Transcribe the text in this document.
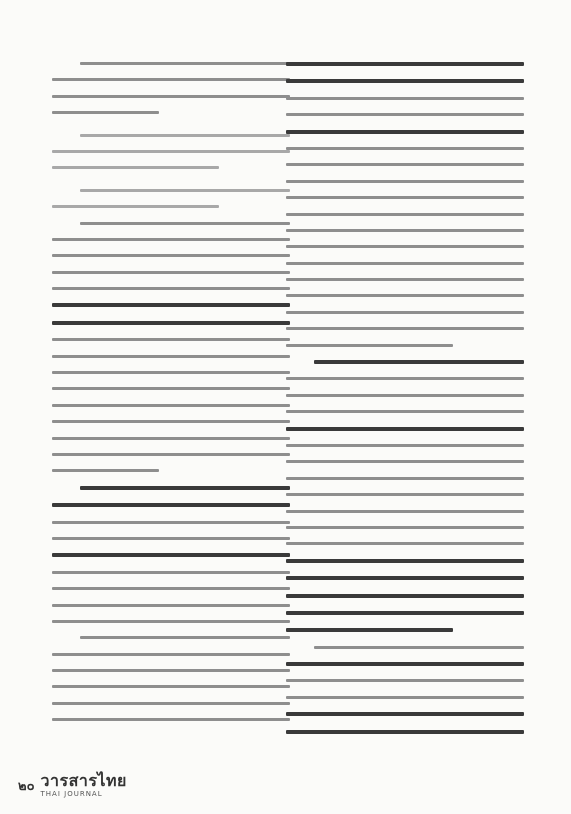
๒๐ วารสารไทย
THAI JOURNAL
